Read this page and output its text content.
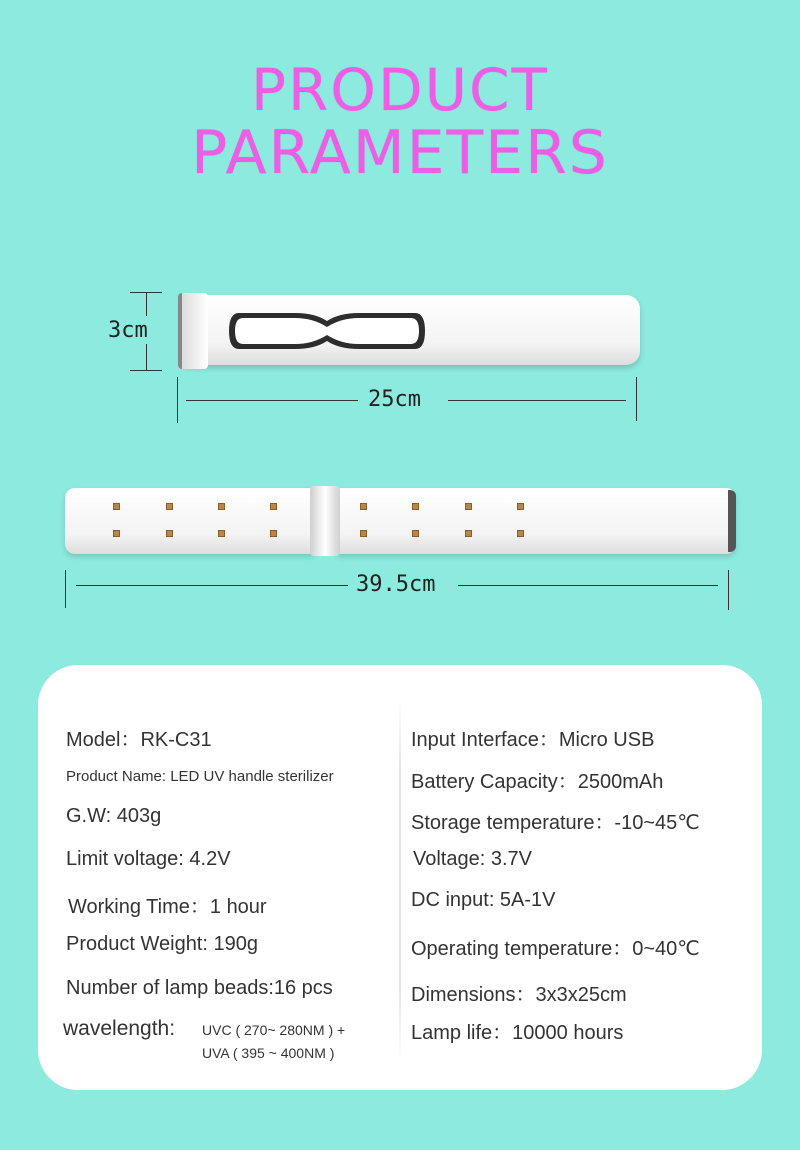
PRODUCT
PARAMETERS
3cm
25cm
39.5cm
Model：RK-C31
Product Name: LED UV handle sterilizer
G.W: 403g
Limit voltage: 4.2V
Working Time：1 hour
Product Weight: 190g
Number of lamp beads:16 pcs
wavelength: UVC ( 270~ 280NM ) +
UVA ( 395 ~ 400NM )
Input Interface：Micro USB
Battery Capacity：2500mAh
Storage temperature：-10~45℃
Voltage: 3.7V
DC input: 5A-1V
Operating temperature：0~40℃
Dimensions：3x3x25cm
Lamp life：10000 hours
